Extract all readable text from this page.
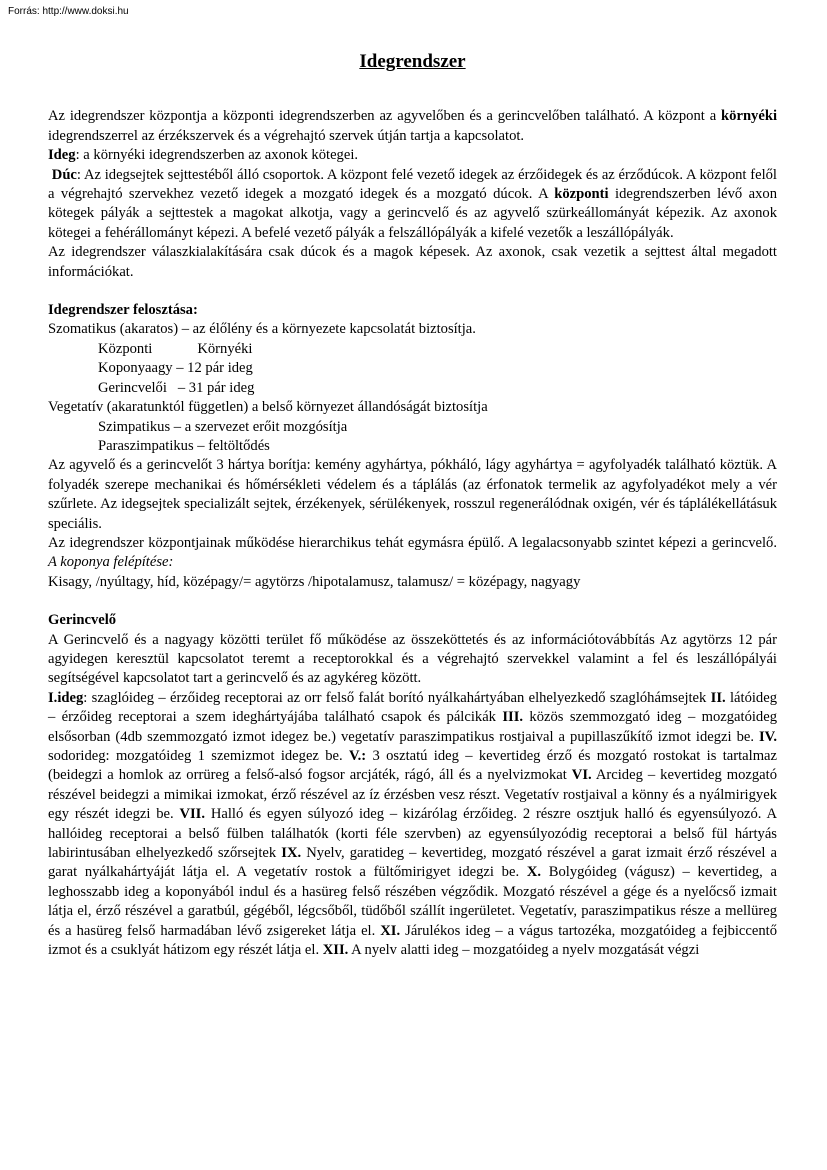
Forrás: http://www.doksi.hu
Idegrendszer

Az idegrendszer központja a központi idegrendszerben az agyvelőben és a gerincvelőben található. A központ a környéki idegrendszerrel az érzékszervek és a végrehajtó szervek útján tartja a kapcsolatot.

Ideg: a környéki idegrendszerben az axonok kötegei.

Dúc: Az idegsejtek sejttestéből álló csoportok. A központ felé vezető idegek az érzőidegek és az érződúcok. A központ felől a végrehajtó szervekhez vezető idegek a mozgató idegek és a mozgató dúcok. A központi idegrendszerben lévő axon kötegek pályák a sejttestek a magokat alkotja, vagy a gerincvelő és az agyvelő szürkeállományát képezik. Az axonok kötegei a fehérállományt képezi. A befelé vezető pályák a felszállópályák a kifelé vezetők a leszállópályák.

Az idegrendszer válaszkialakítására csak dúcok és a magok képesek. Az axonok, csak vezetik a sejttest által megadott információkat.

Idegrendszer felosztása:

Szomatikus (akaratos) – az élőlény és a környezete kapcsolatát biztosítja.

Központi	Környéki

Koponyaagy – 12 pár ideg

Gerincvelői   – 31 pár ideg

Vegetatív (akaratunktól független) a belső környezet állandóságát biztosítja

Szimpatikus – a szervezet erőit mozgósítja

Paraszimpatikus – feltöltődés

Az agyvelő és a gerincvelőt 3 hártya borítja: kemény agyhártya, pókháló, lágy agyhártya = agyfolyadék található köztük. A folyadék szerepe mechanikai és hőmérsékleti védelem és a táplálás (az érfonatok termelik az agyfolyadékot mely a vér szűrlete. Az idegsejtek specializált sejtek, érzékenyek, sérülékenyek, rosszul regenerálódnak oxigén, vér és táplálékellátásuk speciális.

Az idegrendszer központjainak működése hierarchikus tehát egymásra épülő. A legalacsonyabb szintet képezi a gerincvelő. A koponya felépítése:

Kisagy, /nyúltagy, híd, középagy/= agytörzs /hipotalamusz, talamusz/ = középagy, nagyagy

Gerincvelő

A Gerincvelő és a nagyagy közötti terület fő működése az összeköttetés és az információtovábbítás Az agytörzs 12 pár agyidegen keresztül kapcsolatot teremt a receptorokkal és a végrehajtó szervekkel valamint a fel és leszállópályái segítségével kapcsolatot tart a gerincvelő és az agykéreg között.

I.ideg: szaglóideg – érzőideg receptorai az orr felső falát borító nyálkahártyában elhelyezkedő szaglóhámsejtek II. látóideg – érzőideg receptorai a szem ideghártyájába található csapok és pálcikák III. közös szemmozgató ideg – mozgatóideg elsősorban (4db szemmozgató izmot idegez be.) vegetatív paraszimpatikus rostjaival a pupillaszűkítő izmot idegzi be. IV. sodorideg: mozgatóideg 1 szemizmot idegez be. V.: 3 osztatú ideg – kevertideg érző és mozgató rostokat is tartalmaz (beidegzi a homlok az orrüreg a felső-alsó fogsor arcjáték, rágó, áll és a nyelvizmokat VI. Arcideg – kevertideg mozgató részével beidegzi a mimikai izmokat, érző részével az íz érzésben vesz részt. Vegetatív rostjaival a könny és a nyálmirigyek egy részét idegzi be. VII. Halló és egyen súlyozó ideg – kizárólag érzőideg. 2 részre osztjuk halló és egyensúlyozó. A hallóideg receptorai a belső fülben találhatók (korti féle szervben) az egyensúlyozódig receptorai a belső fül hártyás labirintusában elhelyezkedő szőrsejtek IX. Nyelv, garatideg – kevertideg, mozgató részével a garat izmait érző részével a garat nyálkahártyáját látja el. A vegetatív rostok a fültőmirigyet idegzi be. X. Bolygóideg (vágusz) – kevertideg, a leghosszabb ideg a koponyából indul és a hasüreg felső részében végződik. Mozgató részével a gége és a nyelőcső izmait látja el, érző részével a garatbúl, gégéből, légcsőből, tüdőből szállít ingerületet. Vegetatív, paraszimpatikus része a mellüreg és a hasüreg felső harmadában lévő zsigereket látja el. XI. Járulékos ideg – a vágus tartozéka, mozgatóideg a fejbiccentő izmot és a csuklyát hátizom egy részét látja el. XII. A nyelv alatti ideg – mozgatóideg a nyelv mozgatását végzi
